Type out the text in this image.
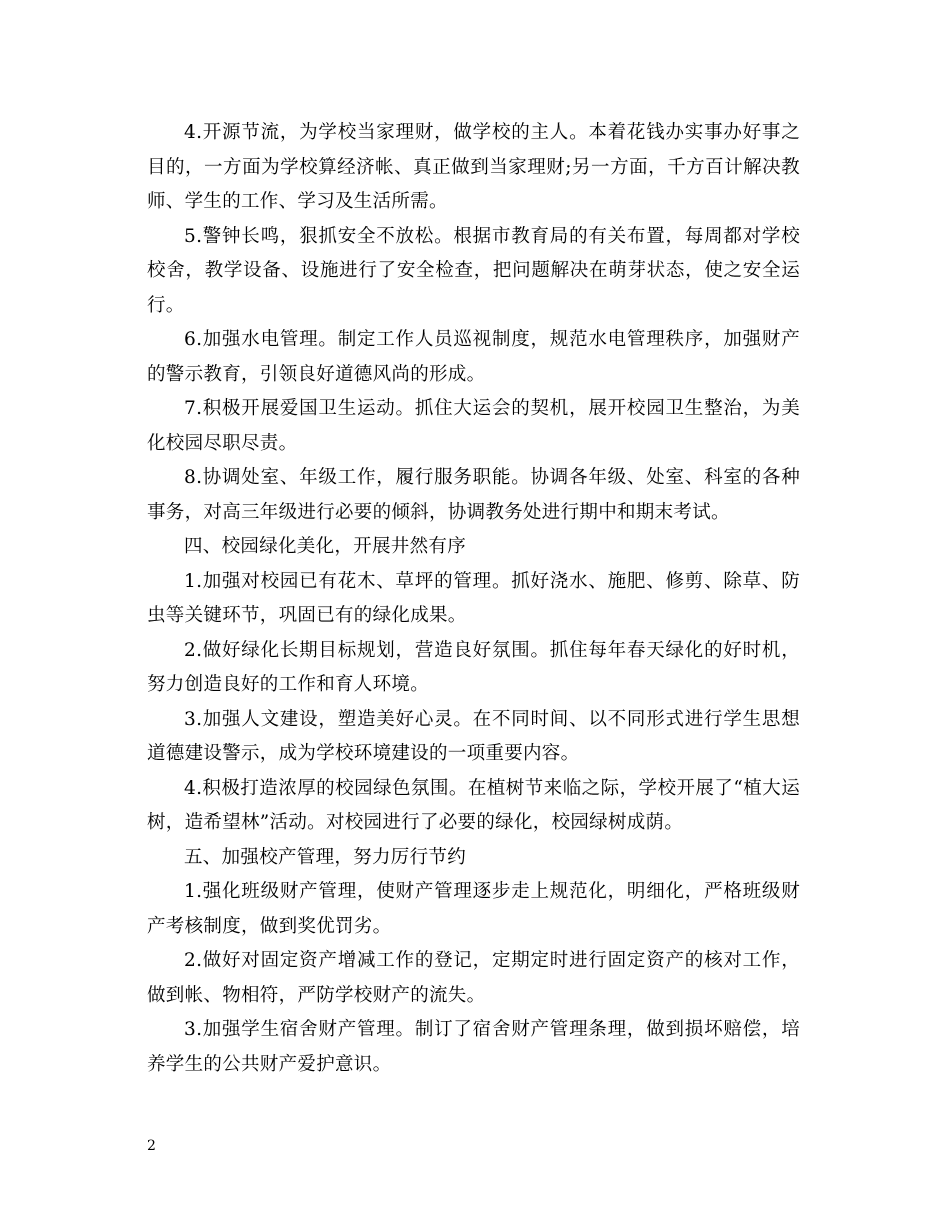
4.开源节流，为学校当家理财，做学校的主人。本着花钱办实事办好事之目的，一方面为学校算经济帐、真正做到当家理财;另一方面，千方百计解决教师、学生的工作、学习及生活所需。

5.警钟长鸣，狠抓安全不放松。根据市教育局的有关布置，每周都对学校校舍，教学设备、设施进行了安全检查，把问题解决在萌芽状态，使之安全运行。

6.加强水电管理。制定工作人员巡视制度，规范水电管理秩序，加强财产的警示教育，引领良好道德风尚的形成。

7.积极开展爱国卫生运动。抓住大运会的契机，展开校园卫生整治，为美化校园尽职尽责。

8.协调处室、年级工作，履行服务职能。协调各年级、处室、科室的各种事务，对高三年级进行必要的倾斜，协调教务处进行期中和期末考试。

四、校园绿化美化，开展井然有序

1.加强对校园已有花木、草坪的管理。抓好浇水、施肥、修剪、除草、防虫等关键环节，巩固已有的绿化成果。

2.做好绿化长期目标规划，营造良好氛围。抓住每年春天绿化的好时机，努力创造良好的工作和育人环境。

3.加强人文建设，塑造美好心灵。在不同时间、以不同形式进行学生思想道德建设警示，成为学校环境建设的一项重要内容。

4.积极打造浓厚的校园绿色氛围。在植树节来临之际，学校开展了“植大运树，造希望林”活动。对校园进行了必要的绿化，校园绿树成荫。

五、加强校产管理，努力厉行节约

1.强化班级财产管理，使财产管理逐步走上规范化，明细化，严格班级财产考核制度，做到奖优罚劣。

2.做好对固定资产增减工作的登记，定期定时进行固定资产的核对工作，做到帐、物相符，严防学校财产的流失。

3.加强学生宿舍财产管理。制订了宿舍财产管理条理，做到损坏赔偿，培养学生的公共财产爱护意识。

2
